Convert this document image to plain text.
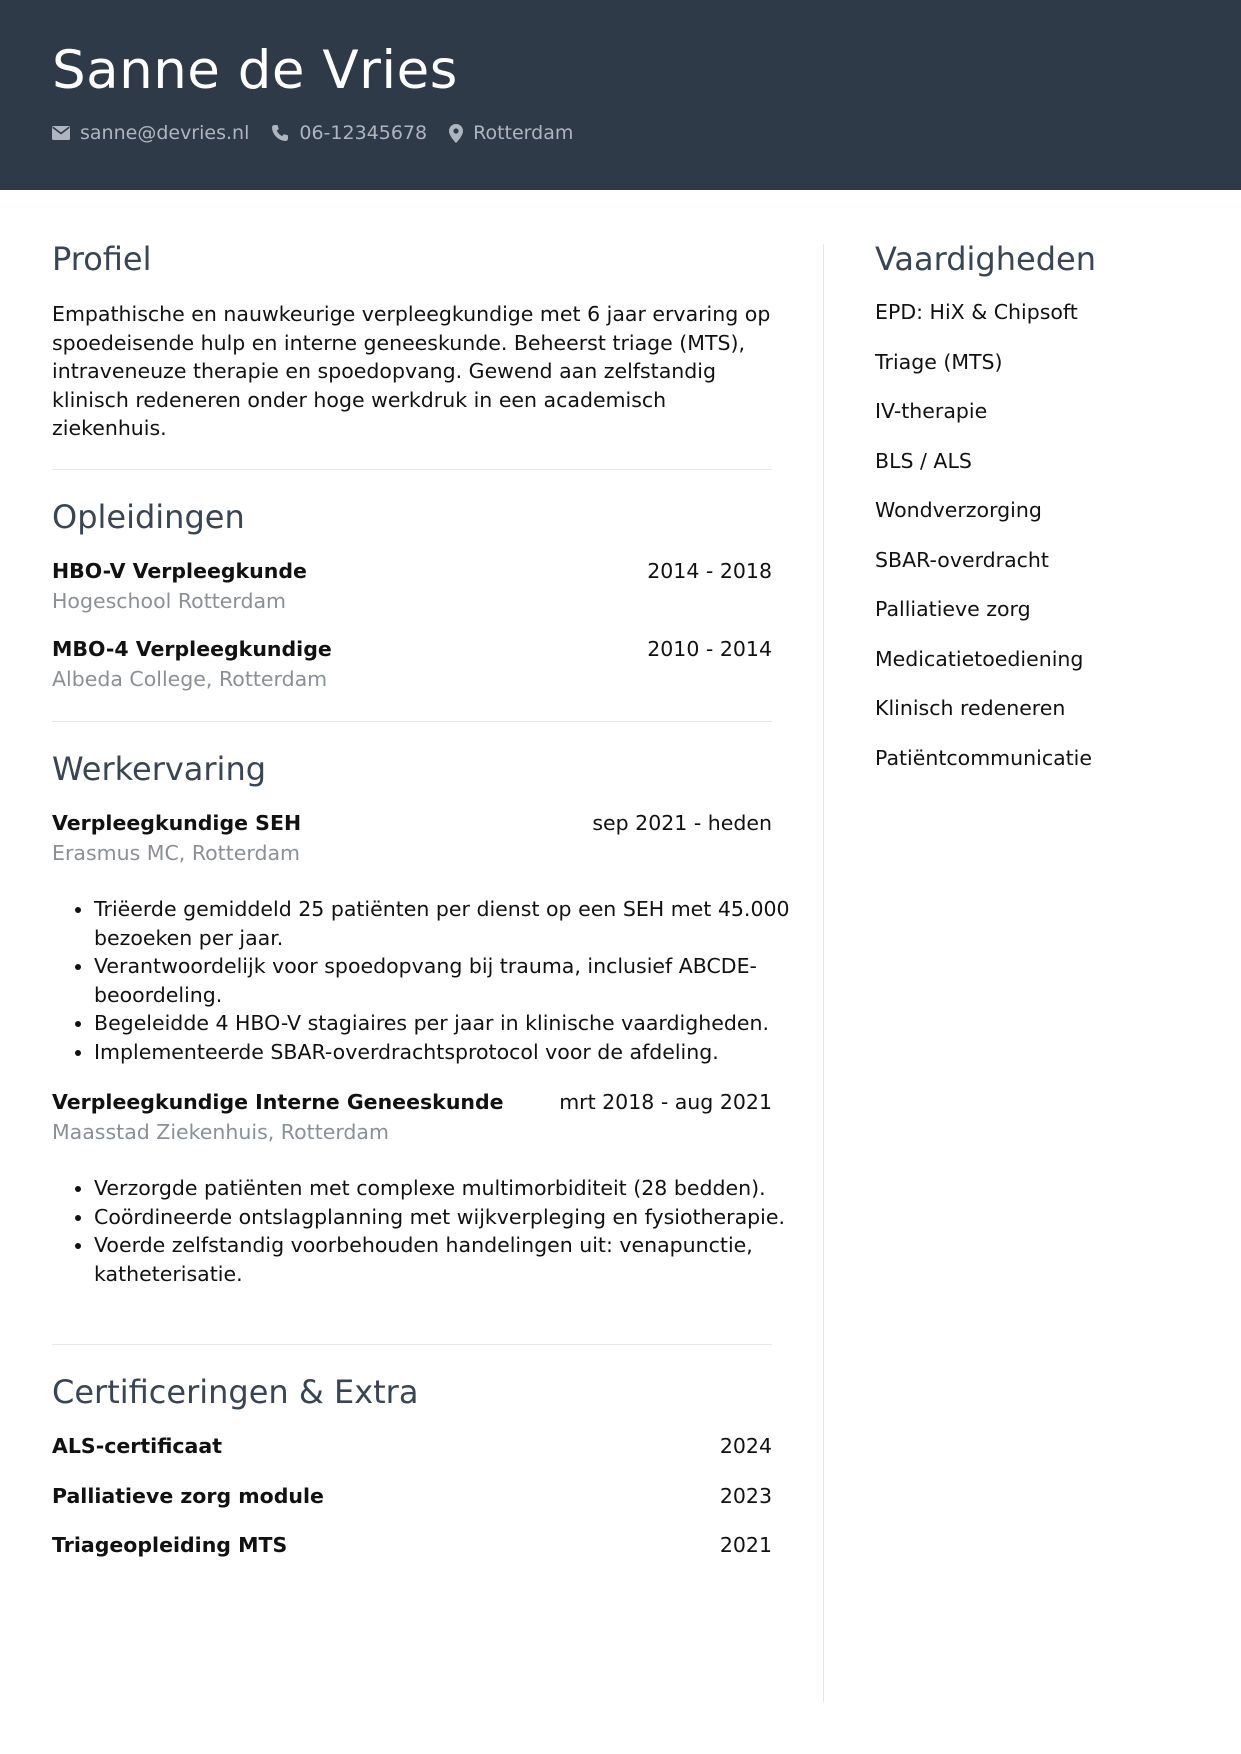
Sanne de Vries
sanne@devries.nl	06-12345678 Rotterdam
Profiel

Empathische en nauwkeurige verpleegkundige met 6 jaar ervaring op spoedeisende hulp en interne geneeskunde. Beheerst triage (MTS), intraveneuze therapie en spoedopvang. Gewend aan zelfstandig klinisch redeneren onder hoge werkdruk in een academisch ziekenhuis.

Opleidingen
HBO-V Verpleegkunde	2014 - 2018
Hogeschool Rotterdam
MBO-4 Verpleegkundige	2010 - 2014
Albeda College, Rotterdam
Werkervaring
Verpleegkundige SEH	sep 2021 - heden
Erasmus MC, Rotterdam
• Triëerde gemiddeld 25 patiënten per dienst op een SEH met 45.000 bezoeken per jaar.
• Verantwoordelijk voor spoedopvang bij trauma, inclusief ABCDE-beoordeling.
• Begeleidde 4 HBO-V stagiaires per jaar in klinische vaardigheden.
• Implementeerde SBAR-overdrachtsprotocol voor de afdeling.
Verpleegkundige Interne Geneeskunde	mrt 2018 - aug 2021
Maasstad Ziekenhuis, Rotterdam
• Verzorgde patiënten met complexe multimorbiditeit (28 bedden).
• Coördineerde ontslagplanning met wijkverpleging en fysiotherapie.
• Voerde zelfstandig voorbehouden handelingen uit: venapunctie, katheterisatie.
Certificeringen & Extra
ALS-certificaat	2024
Palliatieve zorg module	2023
Triageopleiding MTS	2021
Vaardigheden
EPD: HiX & Chipsoft
Triage (MTS)
IV-therapie
BLS / ALS
Wondverzorging
SBAR-overdracht
Palliatieve zorg
Medicatietoediening
Klinisch redeneren
Patiëntcommunicatie
